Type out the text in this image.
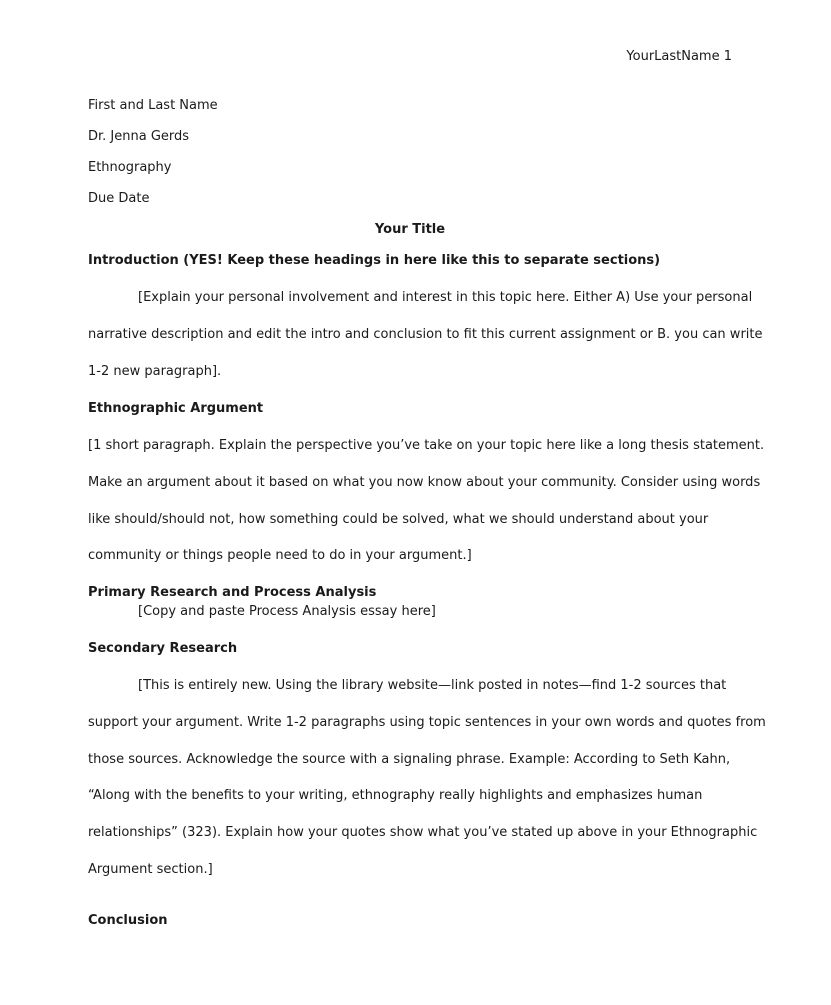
YourLastName 1
First and Last Name
Dr. Jenna Gerds
Ethnography
Due Date
Your Title
Introduction (YES! Keep these headings in here like this to separate sections)
[Explain your personal involvement and interest in this topic here. Either A) Use your personal
narrative description and edit the intro and conclusion to fit this current assignment or B. you can write
1-2 new paragraph].
Ethnographic Argument
[1 short paragraph. Explain the perspective you’ve take on your topic here like a long thesis statement.
Make an argument about it based on what you now know about your community. Consider using words
like should/should not, how something could be solved, what we should understand about your
community or things people need to do in your argument.]
Primary Research and Process Analysis
[Copy and paste Process Analysis essay here]
Secondary Research
[This is entirely new. Using the library website—link posted in notes—find 1-2 sources that
support your argument. Write 1-2 paragraphs using topic sentences in your own words and quotes from
those sources. Acknowledge the source with a signaling phrase. Example: According to Seth Kahn,
“Along with the benefits to your writing, ethnography really highlights and emphasizes human
relationships” (323). Explain how your quotes show what you’ve stated up above in your Ethnographic
Argument section.]
Conclusion
